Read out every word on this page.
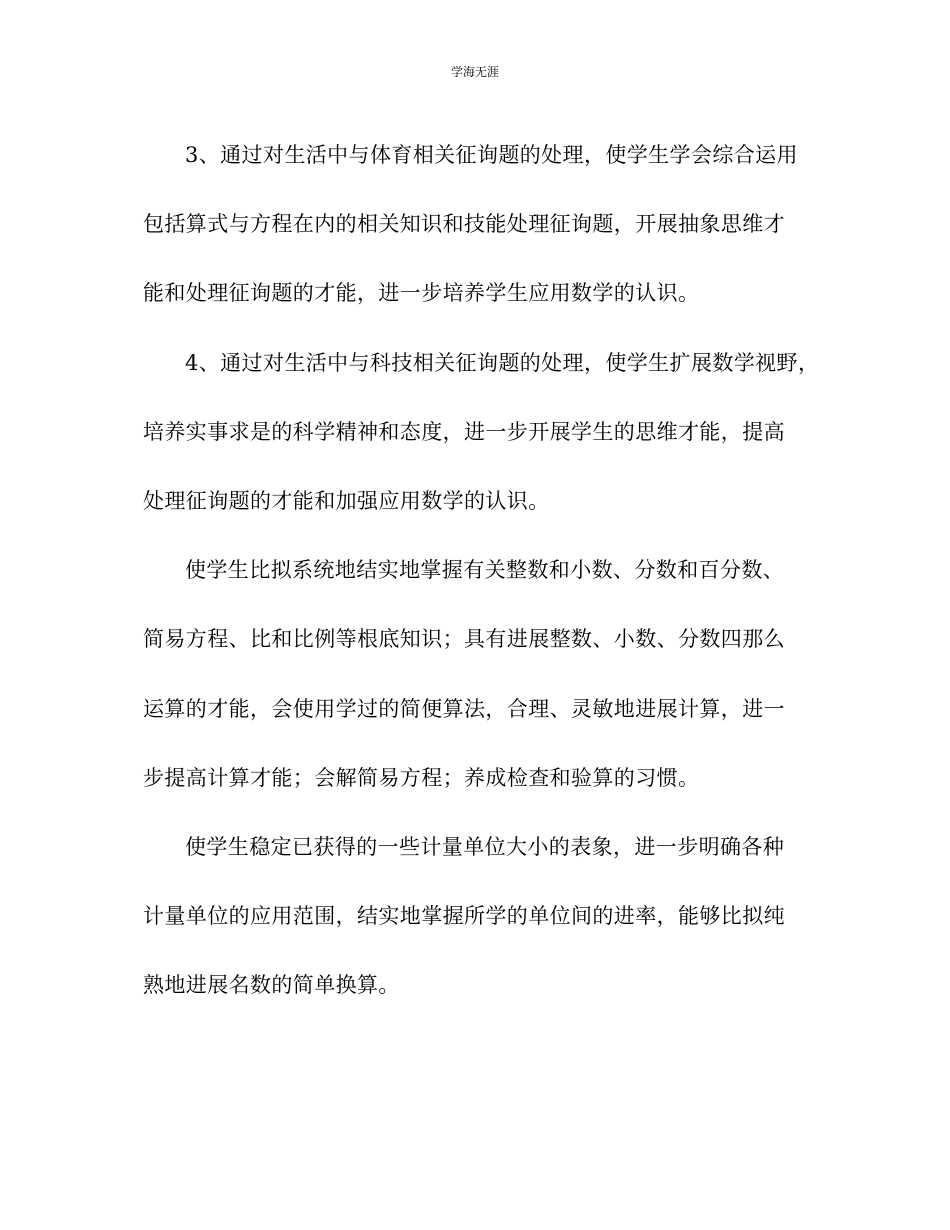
学海无涯

3、通过对生活中与体育相关征询题的处理，使学生学会综合运用
包括算式与方程在内的相关知识和技能处理征询题，开展抽象思维才
能和处理征询题的才能，进一步培养学生应用数学的认识。

4、通过对生活中与科技相关征询题的处理，使学生扩展数学视野，
培养实事求是的科学精神和态度，进一步开展学生的思维才能，提高
处理征询题的才能和加强应用数学的认识。

使学生比拟系统地结实地掌握有关整数和小数、分数和百分数、
简易方程、比和比例等根底知识；具有进展整数、小数、分数四那么
运算的才能，会使用学过的简便算法，合理、灵敏地进展计算，进一
步提高计算才能；会解简易方程；养成检查和验算的习惯。

使学生稳定已获得的一些计量单位大小的表象，进一步明确各种
计量单位的应用范围，结实地掌握所学的单位间的进率，能够比拟纯
熟地进展名数的简单换算。
